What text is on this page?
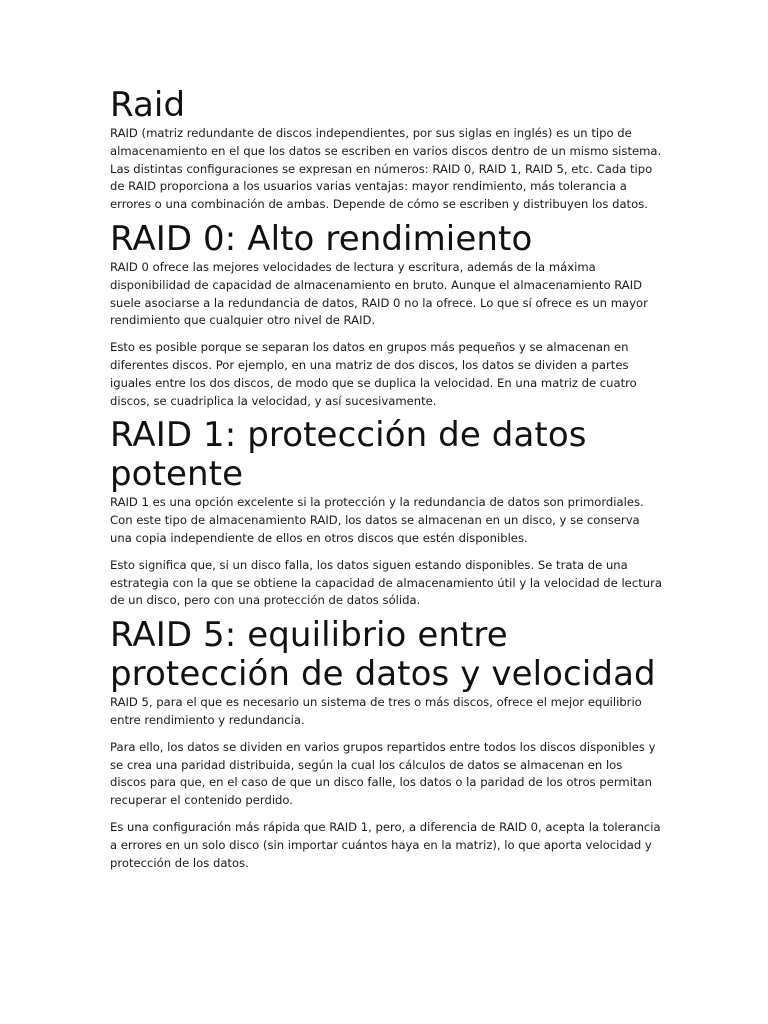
Raid

RAID (matriz redundante de discos independientes, por sus siglas en inglés) es un tipo de almacenamiento en el que los datos se escriben en varios discos dentro de un mismo sistema. Las distintas configuraciones se expresan en números: RAID 0, RAID 1, RAID 5, etc. Cada tipo de RAID proporciona a los usuarios varias ventajas: mayor rendimiento, más tolerancia a errores o una combinación de ambas. Depende de cómo se escriben y distribuyen los datos.

RAID 0: Alto rendimiento

RAID 0 ofrece las mejores velocidades de lectura y escritura, además de la máxima disponibilidad de capacidad de almacenamiento en bruto. Aunque el almacenamiento RAID suele asociarse a la redundancia de datos, RAID 0 no la ofrece. Lo que sí ofrece es un mayor rendimiento que cualquier otro nivel de RAID.

Esto es posible porque se separan los datos en grupos más pequeños y se almacenan en diferentes discos. Por ejemplo, en una matriz de dos discos, los datos se dividen a partes iguales entre los dos discos, de modo que se duplica la velocidad. En una matriz de cuatro discos, se cuadriplica la velocidad, y así sucesivamente.

RAID 1: protección de datos potente

RAID 1 es una opción excelente si la protección y la redundancia de datos son primordiales. Con este tipo de almacenamiento RAID, los datos se almacenan en un disco, y se conserva una copia independiente de ellos en otros discos que estén disponibles.

Esto significa que, si un disco falla, los datos siguen estando disponibles. Se trata de una estrategia con la que se obtiene la capacidad de almacenamiento útil y la velocidad de lectura de un disco, pero con una protección de datos sólida.

RAID 5: equilibrio entre protección de datos y velocidad

RAID 5, para el que es necesario un sistema de tres o más discos, ofrece el mejor equilibrio entre rendimiento y redundancia.

Para ello, los datos se dividen en varios grupos repartidos entre todos los discos disponibles y se crea una paridad distribuida, según la cual los cálculos de datos se almacenan en los discos para que, en el caso de que un disco falle, los datos o la paridad de los otros permitan recuperar el contenido perdido.

Es una configuración más rápida que RAID 1, pero, a diferencia de RAID 0, acepta la tolerancia a errores en un solo disco (sin importar cuántos haya en la matriz), lo que aporta velocidad y protección de los datos.
